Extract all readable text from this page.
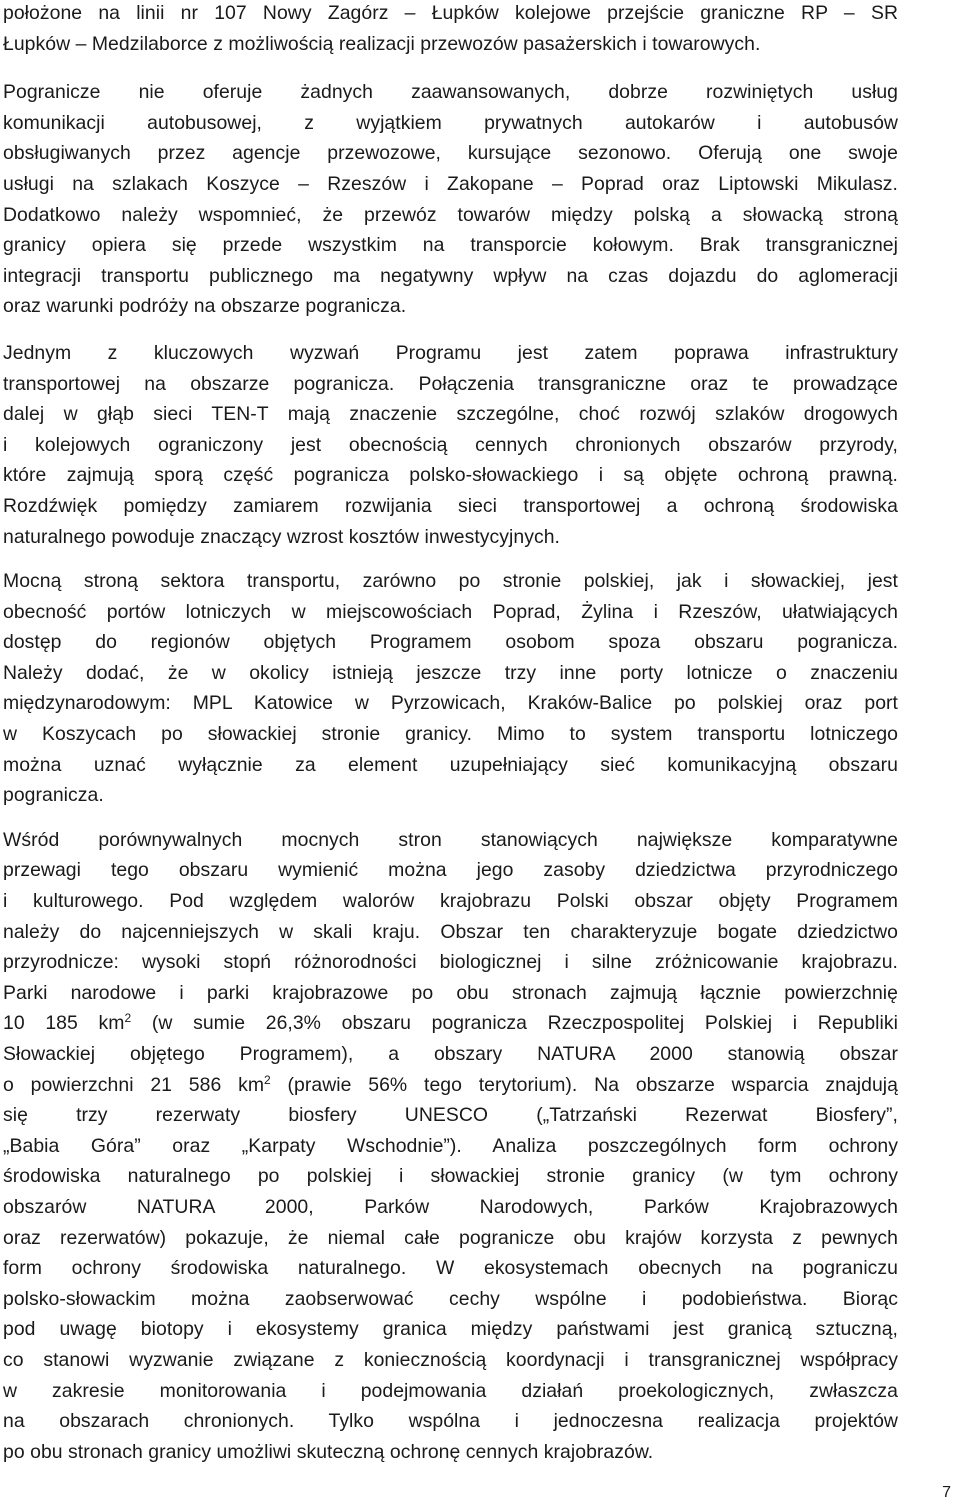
położone na linii nr 107 Nowy Zagórz – Łupków kolejowe przejście graniczne RP – SR
Łupków – Medzilaborce z możliwością realizacji przewozów pasażerskich i towarowych.

Pogranicze nie oferuje żadnych zaawansowanych, dobrze rozwiniętych usług
komunikacji autobusowej, z wyjątkiem prywatnych autokarów i autobusów
obsługiwanych przez agencje przewozowe, kursujące sezonowo. Oferują one swoje
usługi na szlakach Koszyce – Rzeszów i Zakopane – Poprad oraz Liptowski Mikulasz.
Dodatkowo należy wspomnieć, że przewóz towarów między polską a słowacką stroną
granicy opiera się przede wszystkim na transporcie kołowym. Brak transgranicznej
integracji transportu publicznego ma negatywny wpływ na czas dojazdu do aglomeracji
oraz warunki podróży na obszarze pogranicza.

Jednym z kluczowych wyzwań Programu jest zatem poprawa infrastruktury
transportowej na obszarze pogranicza. Połączenia transgraniczne oraz te prowadzące
dalej w głąb sieci TEN-T mają znaczenie szczególne, choć rozwój szlaków drogowych
i kolejowych ograniczony jest obecnością cennych chronionych obszarów przyrody,
które zajmują sporą część pogranicza polsko-słowackiego i są objęte ochroną prawną.
Rozdźwięk pomiędzy zamiarem rozwijania sieci transportowej a ochroną środowiska
naturalnego powoduje znaczący wzrost kosztów inwestycyjnych.

Mocną stroną sektora transportu, zarówno po stronie polskiej, jak i słowackiej, jest
obecność portów lotniczych w miejscowościach Poprad, Żylina i Rzeszów, ułatwiających
dostęp do regionów objętych Programem osobom spoza obszaru pogranicza.
Należy dodać, że w okolicy istnieją jeszcze trzy inne porty lotnicze o znaczeniu
międzynarodowym: MPL Katowice w Pyrzowicach, Kraków-Balice po polskiej oraz port
w Koszycach po słowackiej stronie granicy. Mimo to system transportu lotniczego
można uznać wyłącznie za element uzupełniający sieć komunikacyjną obszaru
pogranicza.

Wśród porównywalnych mocnych stron stanowiących największe komparatywne
przewagi tego obszaru wymienić można jego zasoby dziedzictwa przyrodniczego
i kulturowego. Pod względem walorów krajobrazu Polski obszar objęty Programem
należy do najcenniejszych w skali kraju. Obszar ten charakteryzuje bogate dziedzictwo
przyrodnicze: wysoki stopń różnorodności biologicznej i silne zróżnicowanie krajobrazu.
Parki narodowe i parki krajobrazowe po obu stronach zajmują łącznie powierzchnię
10 185 $km^2$ (w sumie 26,3% obszaru pogranicza Rzeczpospolitej Polskiej i Republiki
Słowackiej objętego Programem), a obszary NATURA 2000 stanowią obszar
o powierzchni 21 586 $km^2$ (prawie 56% tego terytorium). Na obszarze wsparcia znajdują
się trzy rezerwaty biosfery UNESCO („Tatrzański Rezerwat Biosfery”,
„Babia Góra” oraz „Karpaty Wschodnie”). Analiza poszczególnych form ochrony
środowiska naturalnego po polskiej i słowackiej stronie granicy (w tym ochrony
obszarów NATURA 2000, Parków Narodowych, Parków Krajobrazowych
oraz rezerwatów) pokazuje, że niemal całe pogranicze obu krajów korzysta z pewnych
form ochrony środowiska naturalnego. W ekosystemach obecnych na pograniczu
polsko-słowackim można zaobserwować cechy wspólne i podobieństwa. Biorąc
pod uwagę biotopy i ekosystemy granica między państwami jest granicą sztuczną,
co stanowi wyzwanie związane z koniecznością koordynacji i transgranicznej współpracy
w zakresie monitorowania i podejmowania działań proekologicznych, zwłaszcza
na obszarach chronionych. Tylko wspólna i jednoczesna realizacja projektów
po obu stronach granicy umożliwi skuteczną ochronę cennych krajobrazów.

7
